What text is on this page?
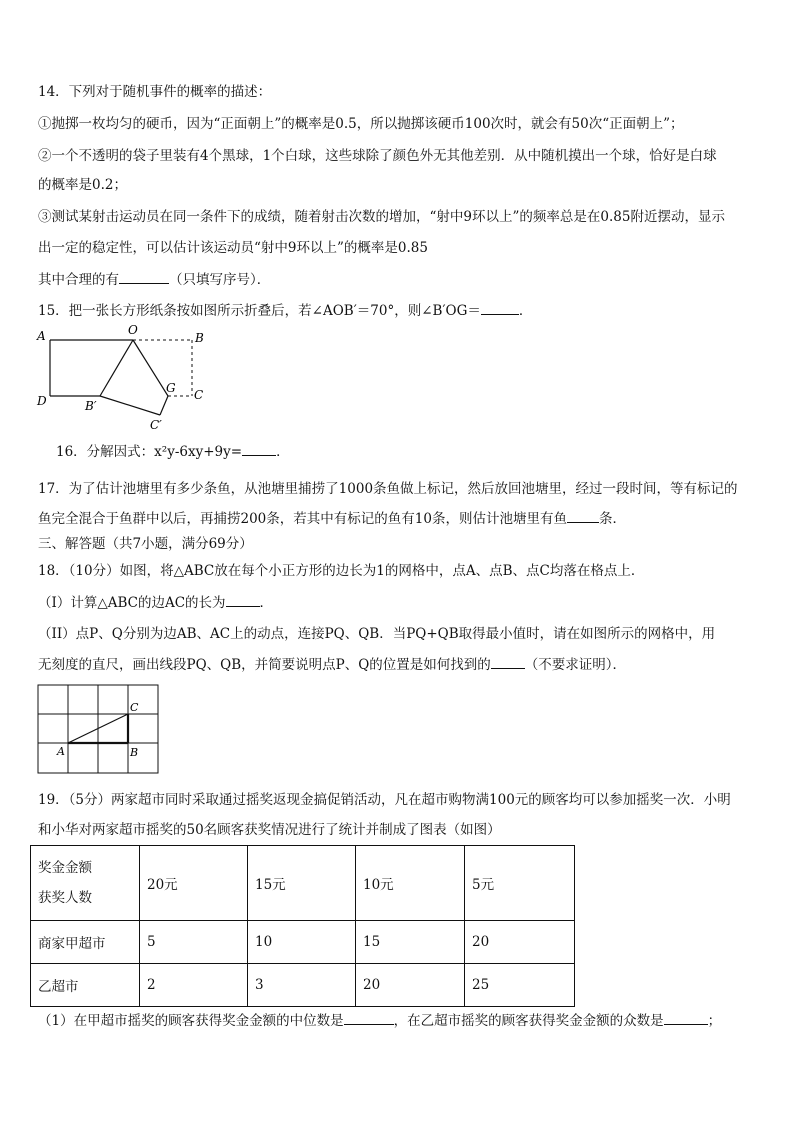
14．下列对于随机事件的概率的描述：
①抛掷一枚均匀的硬币，因为“正面朝上”的概率是0.5，所以抛掷该硬币100次时，就会有50次“正面朝上”；
②一个不透明的袋子里装有4个黑球，1个白球，这些球除了颜色外无其他差别．从中随机摸出一个球，恰好是白球
的概率是0.2；
③测试某射击运动员在同一条件下的成绩，随着射击次数的增加，“射中9环以上”的频率总是在0.85附近摆动，显示
出一定的稳定性，可以估计该运动员“射中9环以上”的概率是0.85
其中合理的有	（只填写序号）．
15．把一张长方形纸条按如图所示折叠后，若∠AOB′＝70°，则∠B′OG＝	．
A	O
B
D	B′
G C
C′
16．分解因式：x²y-6xy+9y=	．
17．为了估计池塘里有多少条鱼，从池塘里捕捞了1000条鱼做上标记，然后放回池塘里，经过一段时间，等有标记的
鱼完全混合于鱼群中以后，再捕捞200条，若其中有标记的鱼有10条，则估计池塘里有鱼 条．
三、解答题（共7小题，满分69分）
18．（10分）如图，将△ABC放在每个小正方形的边长为1的网格中，点A、点B、点C均落在格点上．
（I）计算△ABC的边AC的长为	．
（II）点P、Q分别为边AB、AC上的动点，连接PQ、QB．当PQ+QB取得最小值时，请在如图所示的网格中，用
无刻度的直尺，画出线段PQ、QB，并简要说明点P、Q的位置是如何找到的	（不要求证明）．
A	B
C
19．（5分）两家超市同时采取通过摇奖返现金搞促销活动，凡在超市购物满100元的顾客均可以参加摇奖一次．小明
和小华对两家超市摇奖的50名顾客获奖情况进行了统计并制成了图表（如图）
奖金金额
获奖人数	20元	15元	10元	5元
商家甲超市	5	10	15	20
乙超市	2	3	20	25
（1）在甲超市摇奖的顾客获得奖金金额的中位数是	，在乙超市摇奖的顾客获得奖金金额的众数是	；
